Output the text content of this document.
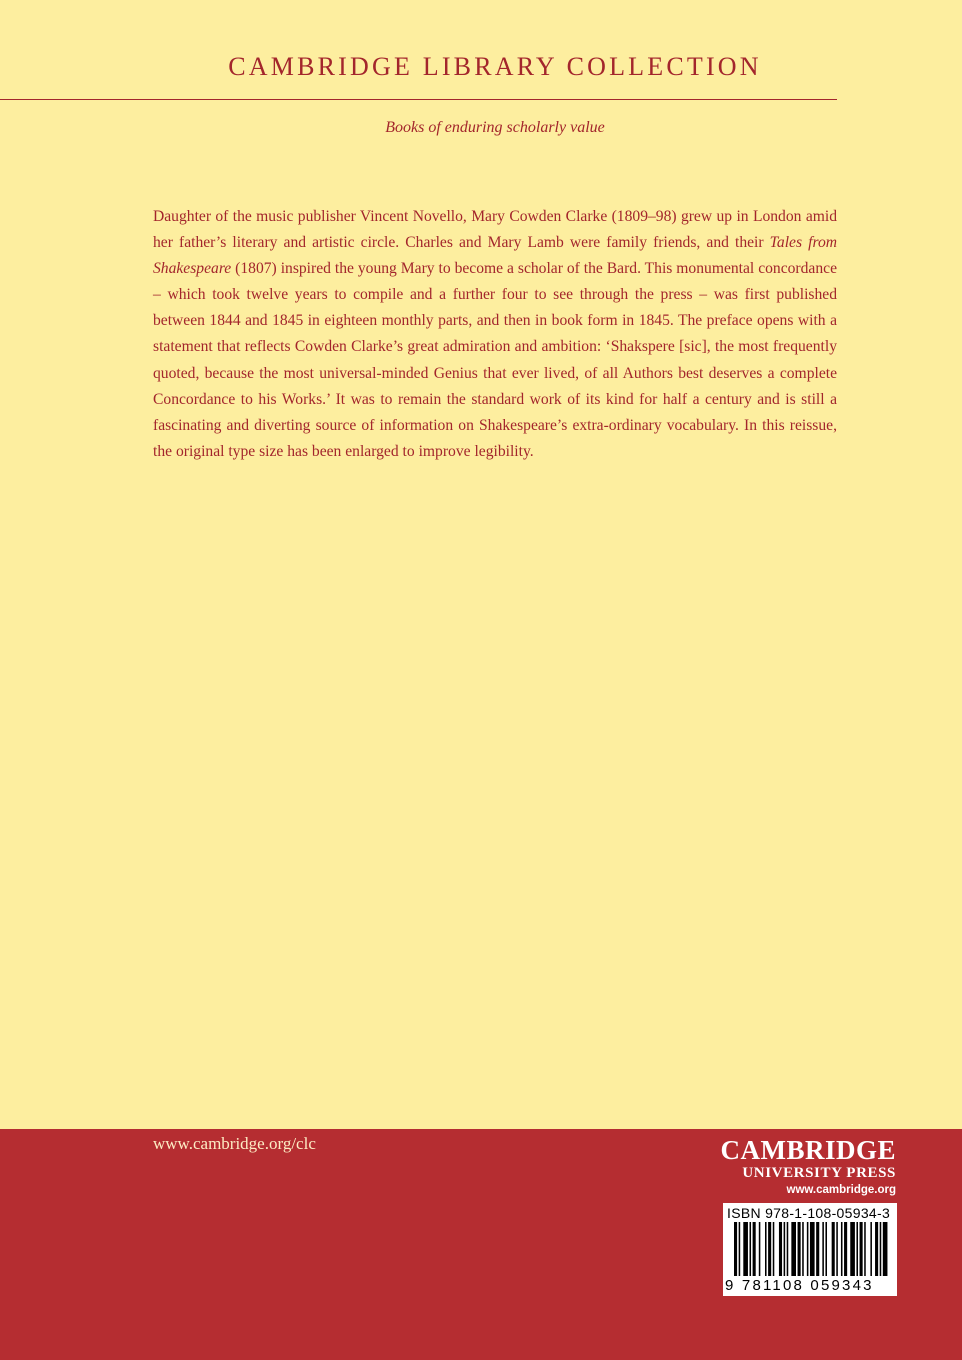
CAMBRIDGE LIBRARY COLLECTION
Books of enduring scholarly value

Daughter of the music publisher Vincent Novello, Mary Cowden Clarke (1809–98) grew up in London amid her father’s literary and artistic circle. Charles and Mary Lamb were family friends, and their Tales from Shakespeare (1807) inspired the young Mary to become a scholar of the Bard. This monumental concordance – which took twelve years to compile and a further four to see through the press – was first published between 1844 and 1845 in eighteen monthly parts, and then in book form in 1845. The preface opens with a statement that reflects Cowden Clarke’s great admiration and ambition: ‘Shakspere [sic], the most frequently quoted, because the most universal-minded Genius that ever lived, of all Authors best deserves a complete Concordance to his Works.’ It was to remain the standard work of its kind for half a century and is still a fascinating and diverting source of information on Shakespeare’s extra-ordinary vocabulary. In this reissue, the original type size has been enlarged to improve legibility.

www.cambridge.org/clc	CAMBRIDGE
UNIVERSITY PRESS
www.cambridge.org
ISBN 978-1-108-05934-3
9 781108 059343
